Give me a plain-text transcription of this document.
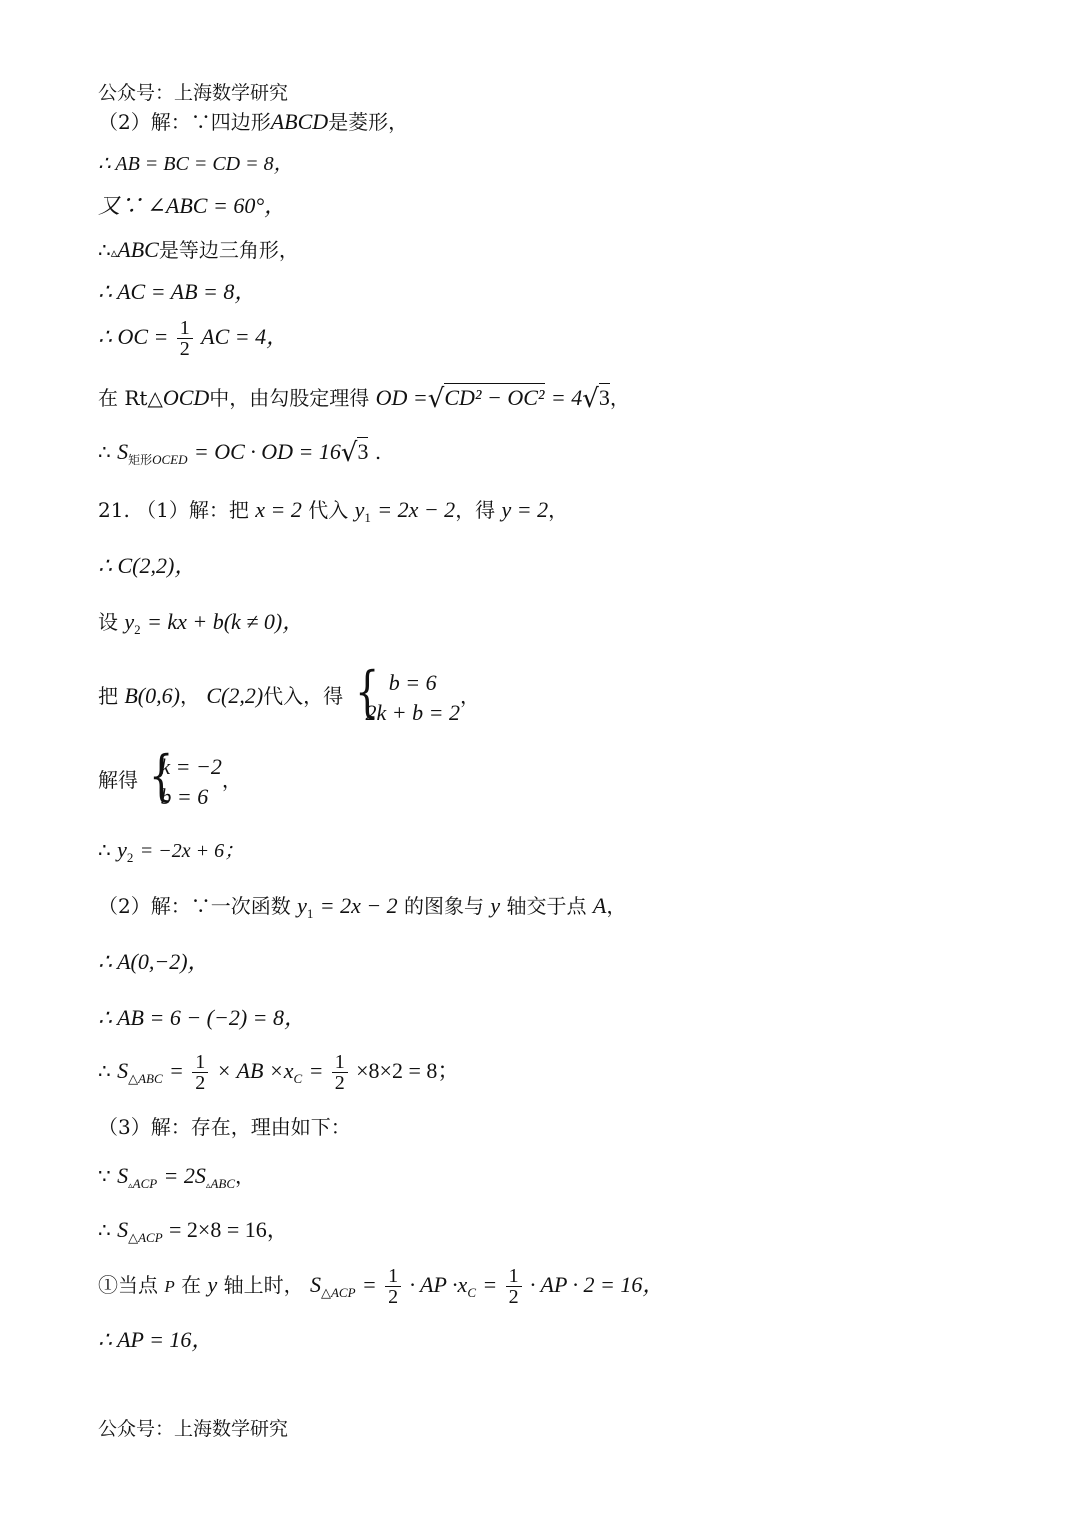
公众号：上海数学研究
（2）解：∵四边形ABCD是菱形，
∴ AB = BC = CD = 8，
又∵ ∠ABC = 60°，
∴▵ABC是等边三角形，
∴ AC = AB = 8，
∴ OC = $\frac{1}{2}$ AC = 4，
在 Rt△OCD中，由勾股定理得 OD =√CD² − OC² = 4√3，
∴ $S_{矩形OCED}$ = OC · OD = 16√3 .
21. （1）解：把 x = 2 代入 $y_1 = 2x - 2$，得 y = 2，
∴ C(2,2)，
设 $y_2$ = kx + b(k ≠ 0)，
把 B(0,6)， C(2,2)代入，得 { b = 6
2k + b = 2
，
解得 {
k = −2
b = 6
，
∴ $y_2 = -2x + 6$；
（2）解：∵一次函数 $y_1 = 2x - 2$ 的图象与 y 轴交于点 A，
∴ A(0,−2)，
∴ AB = 6 − (−2) = 8，
∴ $S_{\triangle ABC} = \frac{1}{2}$ × AB $\times x_C = \frac{1}{2} \times 8\times 2 = 8$；
（3）解：存在，理由如下：
∵ $S_{▵ACP} = 2S_{▵ABC}$，
∴ $S_{\triangle ACP} = 2\times 8 = 16$，
①当点 P 在 y 轴上时， $S_{\triangle ACP} = \frac{1}{2}$ · AP $\cdot x_C = \frac{1}{2}$ · AP · 2 = 16，
∴ AP = 16，
公众号：上海数学研究
